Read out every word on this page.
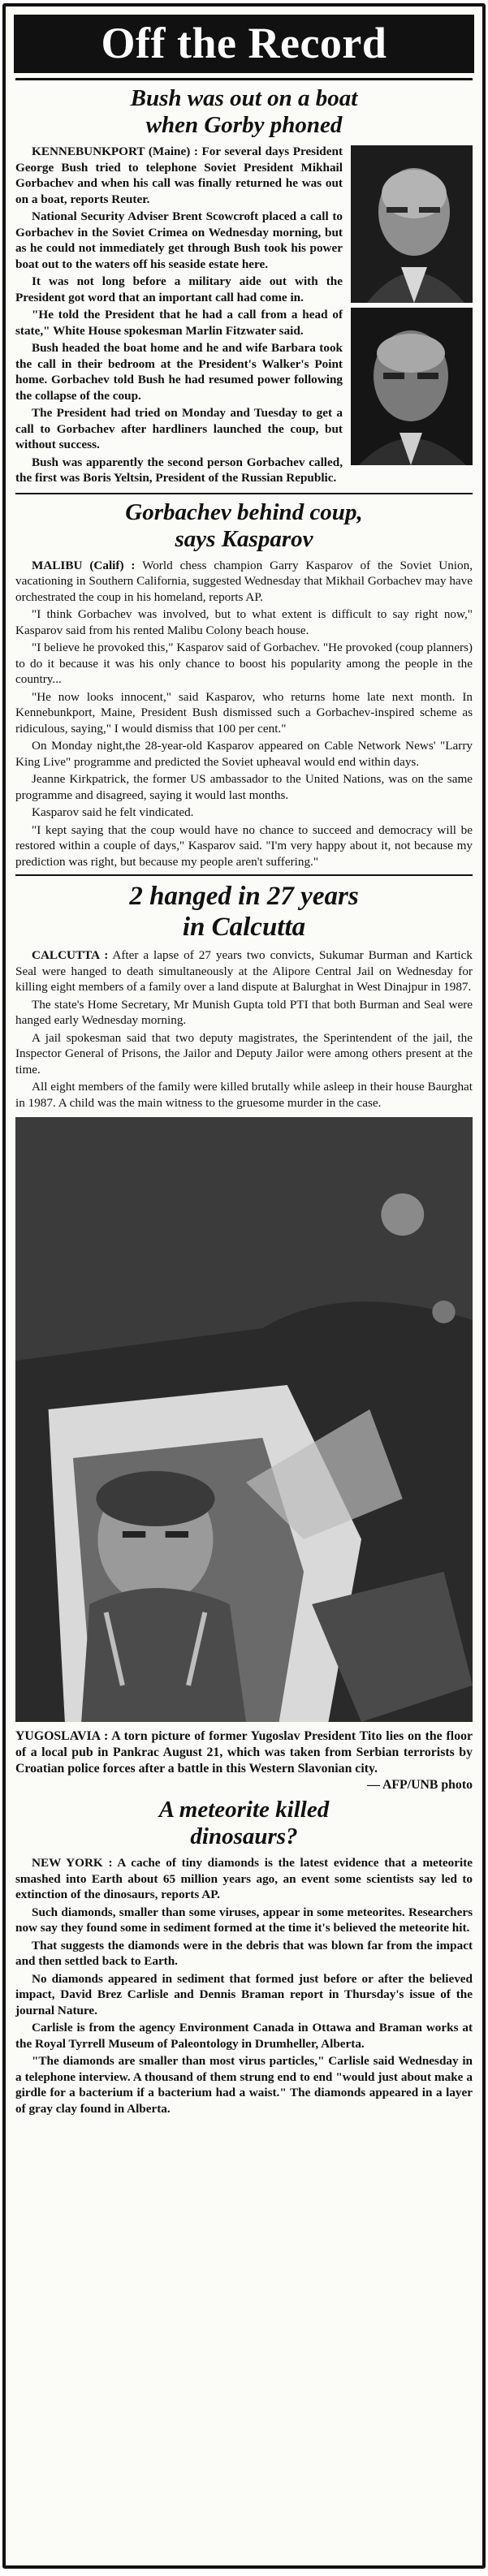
Off the Record
Bush was out on a boat
when Gorby phoned

KENNEBUNKPORT (Maine) : For several days President George Bush tried to telephone Soviet President Mikhail Gorbachev and when his call was finally returned he was out on a boat, reports Reuter.

National Security Adviser Brent Scowcroft placed a call to Gorbachev in the Soviet Crimea on Wednesday morning, but as he could not immediately get through Bush took his power boat out to the waters off his seaside estate here.

It was not long before a military aide out with the President got word that an important call had come in.

"He told the President that he had a call from a head of state," White House spokesman Marlin Fitzwater said.

Bush headed the boat home and he and wife Barbara took the call in their bedroom at the President's Walker's Point home. Gorbachev told Bush he had resumed power following the collapse of the coup.

The President had tried on Monday and Tuesday to get a call to Gorbachev after hardliners launched the coup, but without success.

Bush was apparently the second person Gorbachev called, the first was Boris Yeltsin, President of the Russian Republic.

Gorbachev behind coup,
says Kasparov

MALIBU (Calif) : World chess champion Garry Kasparov of the Soviet Union, vacationing in Southern California, suggested Wednesday that Mikhail Gorbachev may have orchestrated the coup in his homeland, reports AP.

"I think Gorbachev was involved, but to what extent is difficult to say right now," Kasparov said from his rented Malibu Colony beach house.

"I believe he provoked this," Kasparov said of Gorbachev. "He provoked (coup planners) to do it because it was his only chance to boost his popularity among the people in the country...

"He now looks innocent," said Kasparov, who returns home late next month. In Kennebunkport, Maine, President Bush dismissed such a Gorbachev-inspired scheme as ridiculous, saying," I would dismiss that 100 per cent."

On Monday night,the 28-year-old Kasparov appeared on Cable Network News' "Larry King Live" programme and predicted the Soviet upheaval would end within days.

Jeanne Kirkpatrick, the former US ambassador to the United Nations, was on the same programme and disagreed, saying it would last months.

Kasparov said he felt vindicated.

"I kept saying that the coup would have no chance to succeed and democracy will be restored within a couple of days," Kasparov said. "I'm very happy about it, not because my prediction was right, but because my people aren't suffering."

2 hanged in 27 years
in Calcutta

CALCUTTA : After a lapse of 27 years two convicts, Sukumar Burman and Kartick Seal were hanged to death simultaneously at the Alipore Central Jail on Wednesday for killing eight members of a family over a land dispute at Balurghat in West Dinajpur in 1987.

The state's Home Secretary, Mr Munish Gupta told PTI that both Burman and Seal were hanged early Wednesday morning.

A jail spokesman said that two deputy magistrates, the Sperintendent of the jail, the Inspector General of Prisons, the Jailor and Deputy Jailor were among others present at the time.

All eight members of the family were killed brutally while asleep in their house Baurghat in 1987. A child was the main witness to the gruesome murder in the case.

YUGOSLAVIA : A torn picture of former Yugoslav President Tito lies on the floor of a local pub in Pankrac August 21, which was taken from Serbian terrorists by Croatian police forces after a battle in this Western Slavonian city.
— AFP/UNB photo

A meteorite killed
dinosaurs?

NEW YORK : A cache of tiny diamonds is the latest evidence that a meteorite smashed into Earth about 65 million years ago, an event some scientists say led to extinction of the dinosaurs, reports AP.

Such diamonds, smaller than some viruses, appear in some meteorites. Researchers now say they found some in sediment formed at the time it's believed the meteorite hit.

That suggests the diamonds were in the debris that was blown far from the impact and then settled back to Earth.

No diamonds appeared in sediment that formed just before or after the believed impact, David Brez Carlisle and Dennis Braman report in Thursday's issue of the journal Nature.

Carlisle is from the agency Environment Canada in Ottawa and Braman works at the Royal Tyrrell Museum of Paleontology in Drumheller, Alberta.

"The diamonds are smaller than most virus particles," Carlisle said Wednesday in a telephone interview. A thousand of them strung end to end "would just about make a girdle for a bacterium if a bacterium had a waist." The diamonds appeared in a layer of gray clay found in Alberta.
